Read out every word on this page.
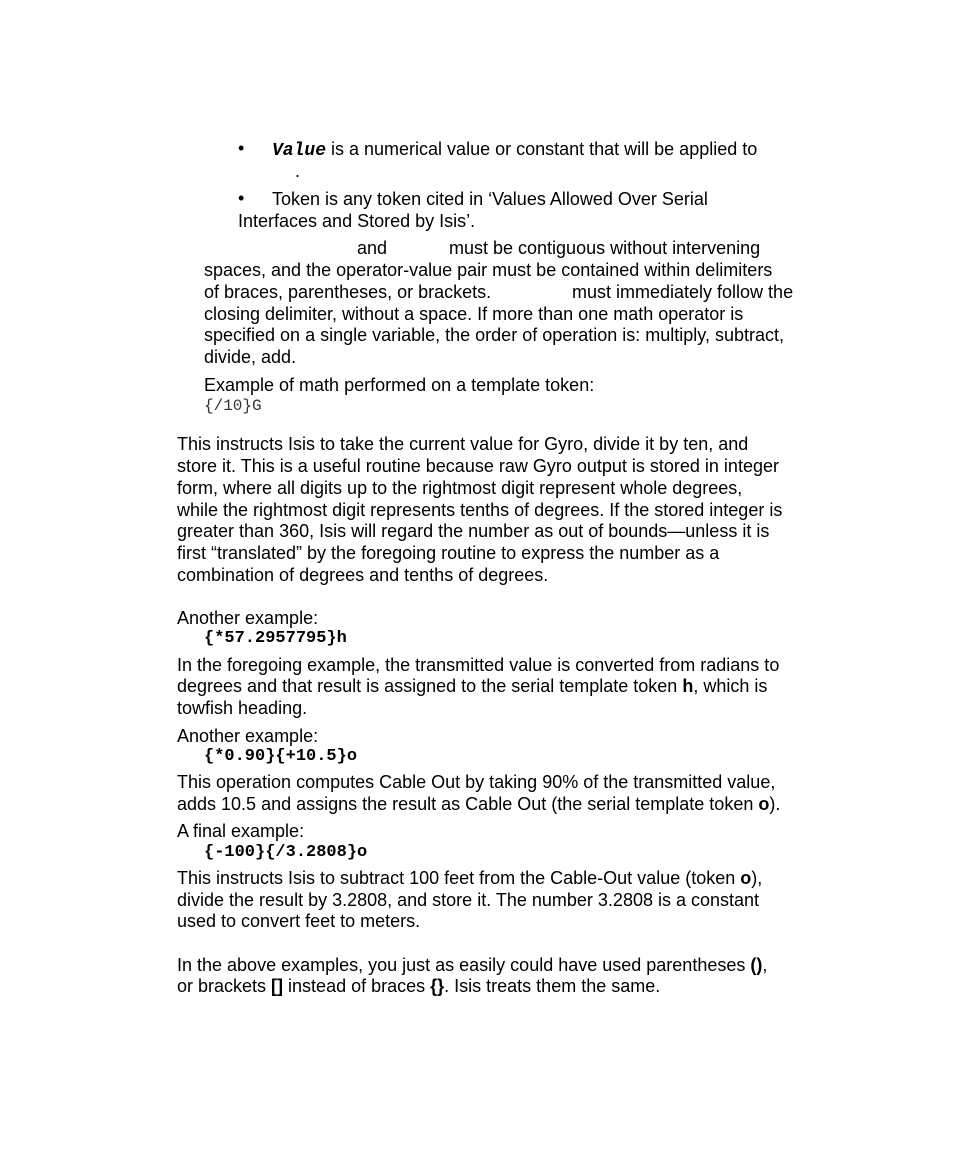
• Value is a numerical value or constant that will be applied to
.
• Token is any token cited in ‘Values Allowed Over Serial
Interfaces and Stored by Isis’.
and	must be contiguous without intervening
spaces, and the operator-value pair must be contained within delimiters
of braces, parentheses, or brackets.	must immediately follow the
closing delimiter, without a space. If more than one math operator is
specified on a single variable, the order of operation is: multiply, subtract,
divide, add.
Example of math performed on a template token:
{/10}G
This instructs Isis to take the current value for Gyro, divide it by ten, and
store it. This is a useful routine because raw Gyro output is stored in integer
form, where all digits up to the rightmost digit represent whole degrees,
while the rightmost digit represents tenths of degrees. If the stored integer is
greater than 360, Isis will regard the number as out of bounds—unless it is
first “translated” by the foregoing routine to express the number as a
combination of degrees and tenths of degrees.
Another example:
{*57.2957795}h
In the foregoing example, the transmitted value is converted from radians to
degrees and that result is assigned to the serial template token h, which is
towfish heading.
Another example:
{*0.90}{+10.5}o
This operation computes Cable Out by taking 90% of the transmitted value,
adds 10.5 and assigns the result as Cable Out (the serial template token o).
A final example:
{-100}{/3.2808}o
This instructs Isis to subtract 100 feet from the Cable-Out value (token o),
divide the result by 3.2808, and store it. The number 3.2808 is a constant
used to convert feet to meters.
In the above examples, you just as easily could have used parentheses (),
or brackets [] instead of braces {}. Isis treats them the same.
